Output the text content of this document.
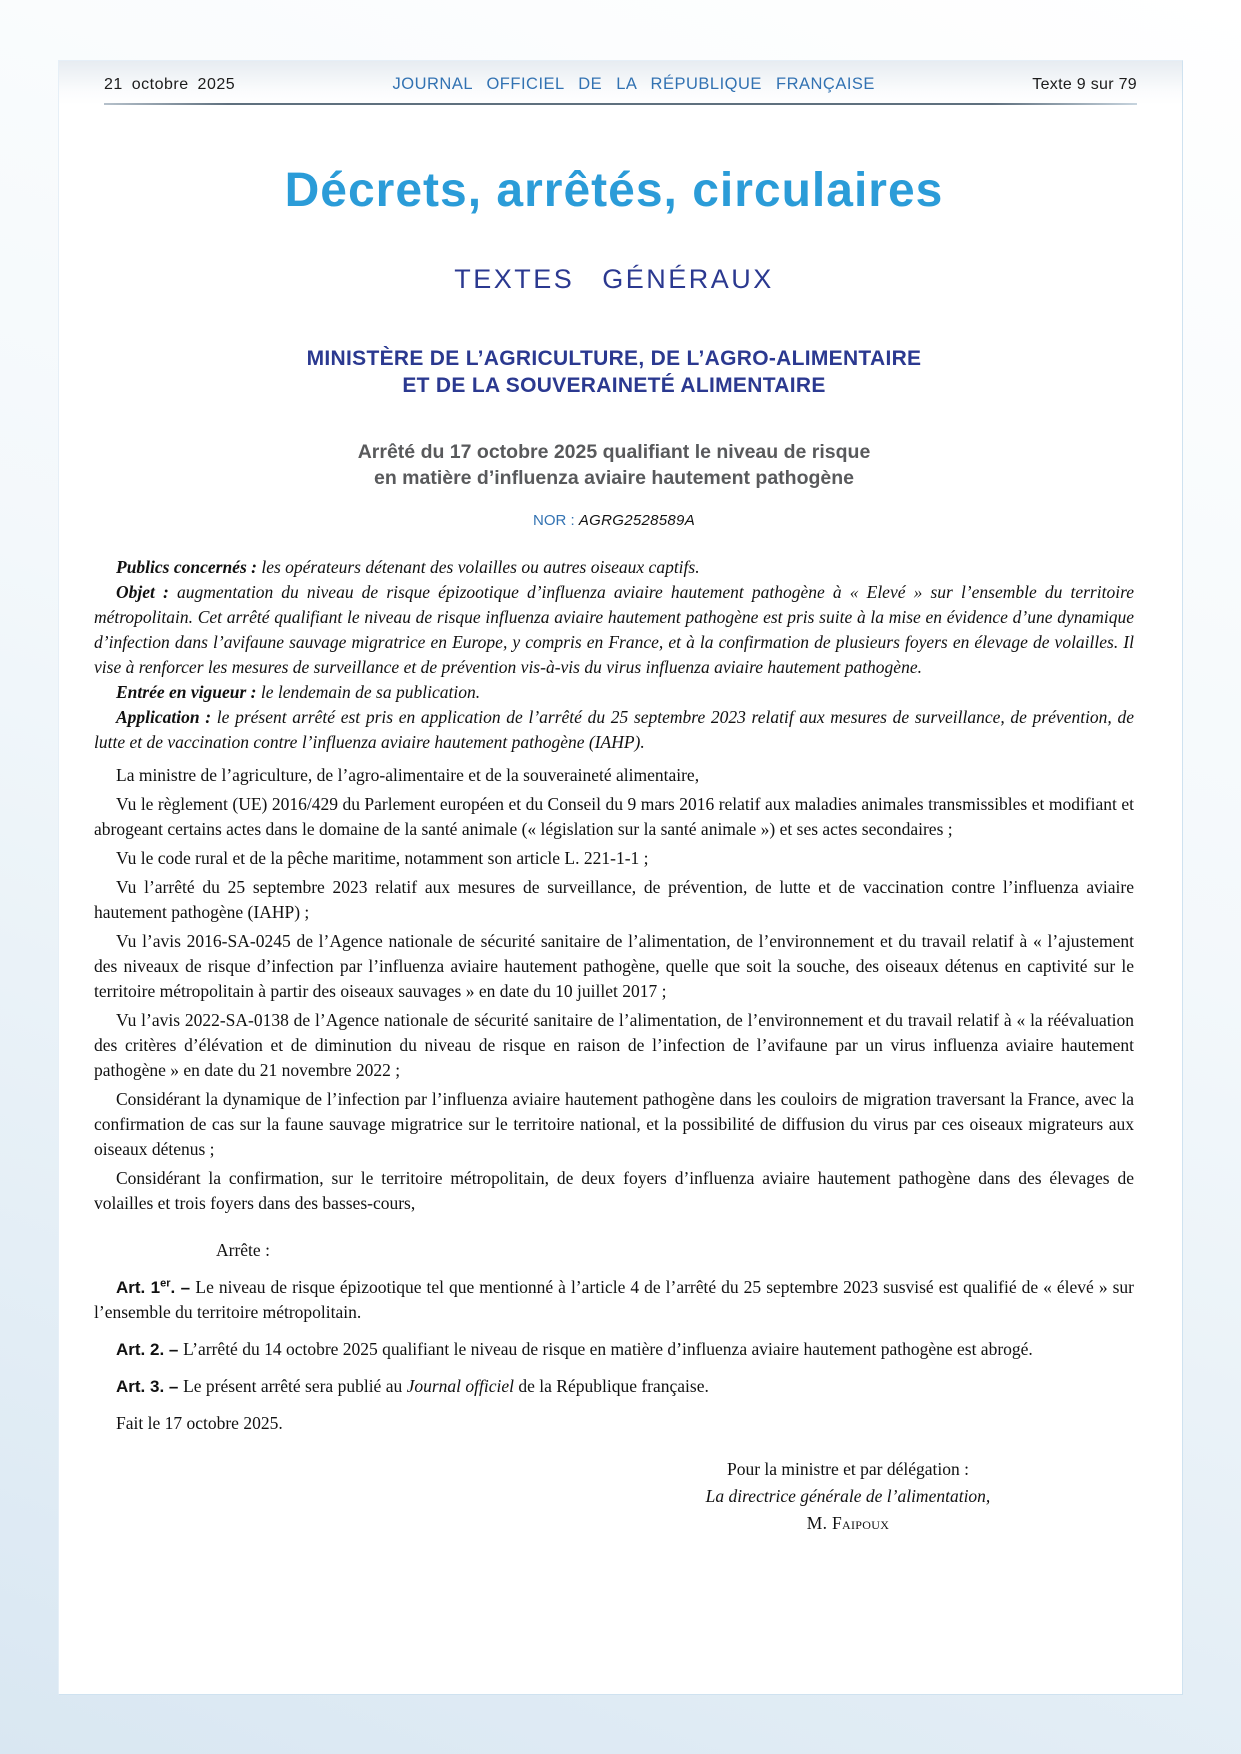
21 octobre 2025	JOURNAL OFFICIEL DE LA RÉPUBLIQUE FRANÇAISE	Texte 9 sur 79
Décrets, arrêtés, circulaires
TEXTES GÉNÉRAUX
MINISTÈRE DE L’AGRICULTURE, DE L’AGRO-ALIMENTAIRE
ET DE LA SOUVERAINETÉ ALIMENTAIRE
Arrêté du 17 octobre 2025 qualifiant le niveau de risque
en matière d’influenza aviaire hautement pathogène
NOR : AGRG2528589A

Publics concernés : les opérateurs détenant des volailles ou autres oiseaux captifs.

Objet : augmentation du niveau de risque épizootique d’influenza aviaire hautement pathogène à « Elevé » sur l’ensemble du territoire métropolitain. Cet arrêté qualifiant le niveau de risque influenza aviaire hautement pathogène est pris suite à la mise en évidence d’une dynamique d’infection dans l’avifaune sauvage migratrice en Europe, y compris en France, et à la confirmation de plusieurs foyers en élevage de volailles. Il vise à renforcer les mesures de surveillance et de prévention vis-à-vis du virus influenza aviaire hautement pathogène.

Entrée en vigueur : le lendemain de sa publication.

Application : le présent arrêté est pris en application de l’arrêté du 25 septembre 2023 relatif aux mesures de surveillance, de prévention, de lutte et de vaccination contre l’influenza aviaire hautement pathogène (IAHP).

La ministre de l’agriculture, de l’agro-alimentaire et de la souveraineté alimentaire,

Vu le règlement (UE) 2016/429 du Parlement européen et du Conseil du 9 mars 2016 relatif aux maladies animales transmissibles et modifiant et abrogeant certains actes dans le domaine de la santé animale (« législation sur la santé animale ») et ses actes secondaires ;

Vu le code rural et de la pêche maritime, notamment son article L. 221-1-1 ;

Vu l’arrêté du 25 septembre 2023 relatif aux mesures de surveillance, de prévention, de lutte et de vaccination contre l’influenza aviaire hautement pathogène (IAHP) ;

Vu l’avis 2016-SA-0245 de l’Agence nationale de sécurité sanitaire de l’alimentation, de l’environnement et du travail relatif à « l’ajustement des niveaux de risque d’infection par l’influenza aviaire hautement pathogène, quelle que soit la souche, des oiseaux détenus en captivité sur le territoire métropolitain à partir des oiseaux sauvages » en date du 10 juillet 2017 ;

Vu l’avis 2022-SA-0138 de l’Agence nationale de sécurité sanitaire de l’alimentation, de l’environnement et du travail relatif à « la réévaluation des critères d’élévation et de diminution du niveau de risque en raison de l’infection de l’avifaune par un virus influenza aviaire hautement pathogène » en date du 21 novembre 2022 ;

Considérant la dynamique de l’infection par l’influenza aviaire hautement pathogène dans les couloirs de migration traversant la France, avec la confirmation de cas sur la faune sauvage migratrice sur le territoire national, et la possibilité de diffusion du virus par ces oiseaux migrateurs aux oiseaux détenus ;

Considérant la confirmation, sur le territoire métropolitain, de deux foyers d’influenza aviaire hautement pathogène dans des élevages de volailles et trois foyers dans des basses-cours,

Arrête :

Art. 1er. – Le niveau de risque épizootique tel que mentionné à l’article 4 de l’arrêté du 25 septembre 2023 susvisé est qualifié de « élevé » sur l’ensemble du territoire métropolitain.

Art. 2. – L’arrêté du 14 octobre 2025 qualifiant le niveau de risque en matière d’influenza aviaire hautement pathogène est abrogé.

Art. 3. – Le présent arrêté sera publié au Journal officiel de la République française.

Fait le 17 octobre 2025.

Pour la ministre et par délégation :
La directrice générale de l’alimentation,
M. Faipoux
